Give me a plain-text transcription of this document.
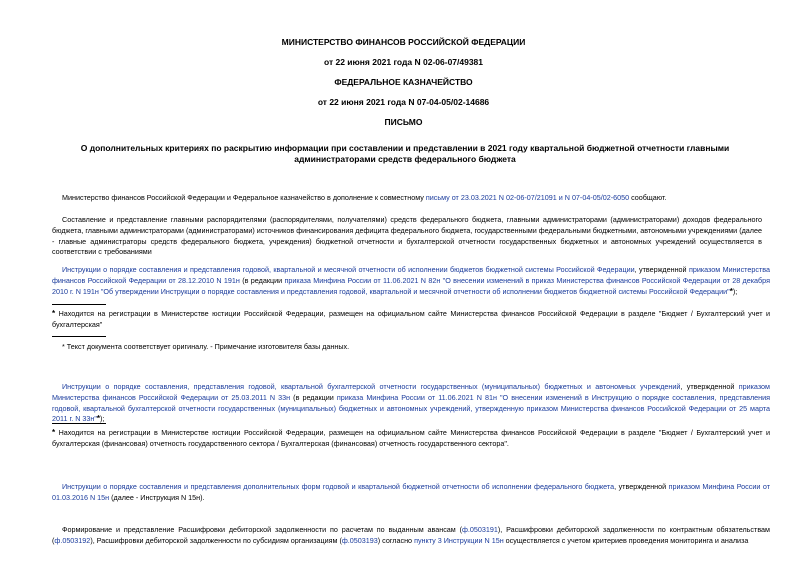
МИНИСТЕРСТВО ФИНАНСОВ РОССИЙСКОЙ ФЕДЕРАЦИИ
от 22 июня 2021 года N 02-06-07/49381
ФЕДЕРАЛЬНОЕ КАЗНАЧЕЙСТВО
от 22 июня 2021 года N 07-04-05/02-14686
ПИСЬМО
О дополнительных критериях по раскрытию информации при составлении и представлении в 2021 году квартальной бюджетной отчетности главными администраторами средств федерального бюджета
Министерство финансов Российской Федерации и Федеральное казначейство в дополнение к совместному письму от 23.03.2021 N 02-06-07/21091 и N 07-04-05/02-6050 сообщают.
Составление и представление главными распорядителями (распорядителями, получателями) средств федерального бюджета, главными администраторами (администраторами) доходов федерального бюджета, главными администраторами (администраторами) источников финансирования дефицита федерального бюджета, государственными федеральными бюджетными, автономными учреждениями (далее - главные администраторы средств федерального бюджета, учреждения) бюджетной отчетности и бухгалтерской отчетности государственных бюджетных и автономных учреждений осуществляется в соответствии с требованиями
Инструкции о порядке составления и представления годовой, квартальной и месячной отчетности об исполнении бюджетов бюджетной системы Российской Федерации, утвержденной приказом Министерства финансов Российской Федерации от 28.12.2010 N 191н (в редакции приказа Минфина России от 11.06.2021 N 82н "О внесении изменений в приказ Министерства финансов Российской Федерации от 28 декабря 2010 г. N 191н "Об утверждении Инструкции о порядке составления и представления годовой, квартальной и месячной отчетности об исполнении бюджетов бюджетной системы Российской Федерации"*);
* Находится на регистрации в Министерстве юстиции Российской Федерации, размещен на официальном сайте Министерства финансов Российской Федерации в разделе "Бюджет / Бухгалтерский учет и бухгалтерская"
* Текст документа соответствует оригиналу. - Примечание изготовителя базы данных.
Инструкции о порядке составления, представления годовой, квартальной бухгалтерской отчетности государственных (муниципальных) бюджетных и автономных учреждений, утвержденной приказом Министерства финансов Российской Федерации от 25.03.2011 N 33н (в редакции приказа Минфина России от 11.06.2021 N 81н "О внесении изменений в Инструкцию о порядке составления, представления годовой, квартальной бухгалтерской отчетности государственных (муниципальных) бюджетных и автономных учреждений, утвержденную приказом Министерства финансов Российской Федерации от 25 марта 2011 г. N 33н"*);
* Находится на регистрации в Министерстве юстиции Российской Федерации, размещен на официальном сайте Министерства финансов Российской Федерации в разделе "Бюджет / Бухгалтерский учет и бухгалтерская (финансовая) отчетность государственного сектора / Бухгалтерская (финансовая) отчетность государственного сектора".
Инструкции о порядке составления и представления дополнительных форм годовой и квартальной бюджетной отчетности об исполнении федерального бюджета, утвержденной приказом Минфина России от 01.03.2016 N 15н (далее - Инструкция N 15н).
Формирование и представление Расшифровки дебиторской задолженности по расчетам по выданным авансам (ф.0503191), Расшифровки дебиторской задолженности по контрактным обязательствам (ф.0503192), Расшифровки дебиторской задолженности по субсидиям организациям (ф.0503193) согласно пункту 3 Инструкции N 15н осуществляется с учетом критериев проведения мониторинга и анализа
